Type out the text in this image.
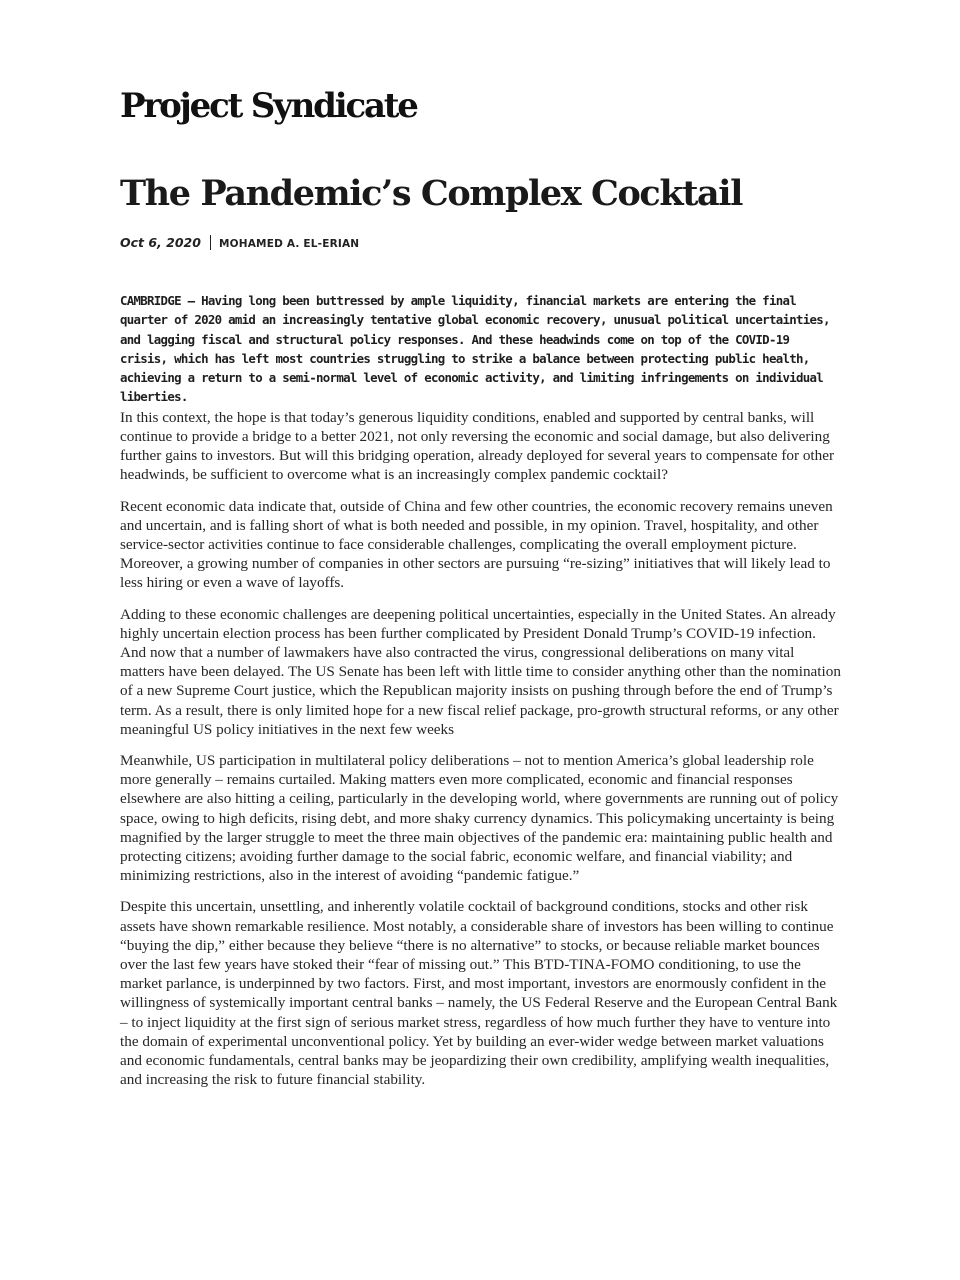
Project Syndicate
The Pandemic’s Complex Cocktail
Oct 6, 2020 MOHAMED A. EL-ERIAN

CAMBRIDGE – Having long been buttressed by ample liquidity, financial markets are entering the final quarter of 2020 amid an increasingly tentative global economic recovery, unusual political uncertainties, and lagging fiscal and structural policy responses. And these headwinds come on top of the COVID-19 crisis, which has left most countries struggling to strike a balance between protecting public health, achieving a return to a semi-normal level of economic activity, and limiting infringements on individual liberties.

In this context, the hope is that today’s generous liquidity conditions, enabled and supported by central banks, will continue to provide a bridge to a better 2021, not only reversing the economic and social damage, but also delivering further gains to investors. But will this bridging operation, already deployed for several years to compensate for other headwinds, be sufficient to overcome what is an increasingly complex pandemic cocktail?

Recent economic data indicate that, outside of China and few other countries, the economic recovery remains uneven and uncertain, and is falling short of what is both needed and possible, in my opinion. Travel, hospitality, and other service-sector activities continue to face considerable challenges, complicating the overall employment picture. Moreover, a growing number of companies in other sectors are pursuing “re-sizing” initiatives that will likely lead to less hiring or even a wave of layoffs.

Adding to these economic challenges are deepening political uncertainties, especially in the United States. An already highly uncertain election process has been further complicated by President Donald Trump’s COVID-19 infection. And now that a number of lawmakers have also contracted the virus, congressional deliberations on many vital matters have been delayed. The US Senate has been left with little time to consider anything other than the nomination of a new Supreme Court justice, which the Republican majority insists on pushing through before the end of Trump’s term. As a result, there is only limited hope for a new fiscal relief package, pro-growth structural reforms, or any other meaningful US policy initiatives in the next few weeks

Meanwhile, US participation in multilateral policy deliberations – not to mention America’s global leadership role more generally – remains curtailed. Making matters even more complicated, economic and financial responses elsewhere are also hitting a ceiling, particularly in the developing world, where governments are running out of policy space, owing to high deficits, rising debt, and more shaky currency dynamics. This policymaking uncertainty is being magnified by the larger struggle to meet the three main objectives of the pandemic era: maintaining public health and protecting citizens; avoiding further damage to the social fabric, economic welfare, and financial viability; and minimizing restrictions, also in the interest of avoiding “pandemic fatigue.”

Despite this uncertain, unsettling, and inherently volatile cocktail of background conditions, stocks and other risk assets have shown remarkable resilience. Most notably, a considerable share of investors has been willing to continue “buying the dip,” either because they believe “there is no alternative” to stocks, or because reliable market bounces over the last few years have stoked their “fear of missing out.” This BTD-TINA-FOMO conditioning, to use the market parlance, is underpinned by two factors. First, and most important, investors are enormously confident in the willingness of systemically important central banks – namely, the US Federal Reserve and the European Central Bank – to inject liquidity at the first sign of serious market stress, regardless of how much further they have to venture into the domain of experimental unconventional policy. Yet by building an ever-wider wedge between market valuations and economic fundamentals, central banks may be jeopardizing their own credibility, amplifying wealth inequalities, and increasing the risk to future financial stability.
